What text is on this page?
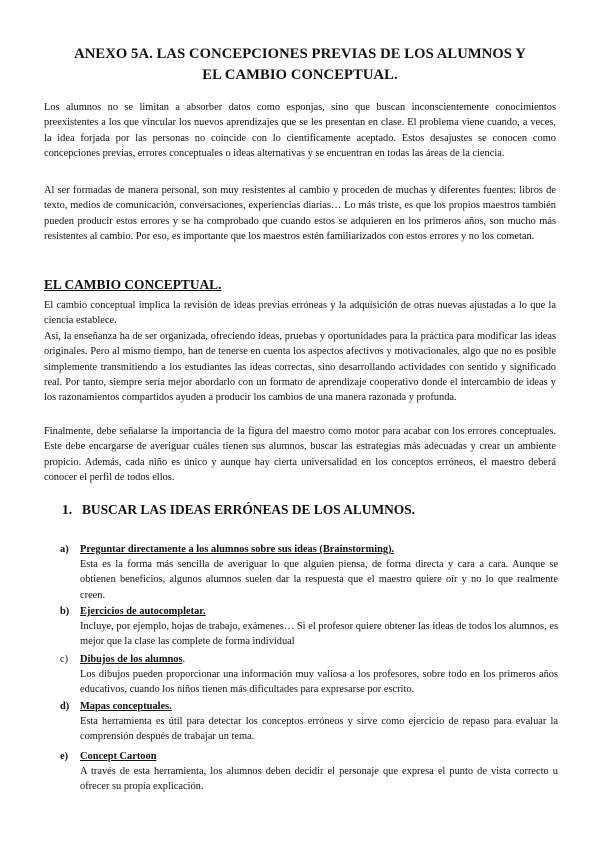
ANEXO 5A. LAS CONCEPCIONES PREVIAS DE LOS ALUMNOS Y
EL CAMBIO CONCEPTUAL.

Los alumnos no se limitan a absorber datos como esponjas, sino que buscan inconscientemente conocimientos preexistentes a los que vincular los nuevos aprendizajes que se les presentan en clase. El problema viene cuando, a veces, la idea forjada por las personas no coincide con lo científicamente aceptado. Estos desajustes se conocen como concepciones previas, errores conceptuales o ideas alternativas y se encuentran en todas las áreas de la ciencia.

Al ser formadas de manera personal, son muy resistentes al cambio y proceden de muchas y diferentes fuentes: libros de texto, medios de comunicación, conversaciones, experiencias diarias… Lo más triste, es que los propios maestros también pueden producir estos errores y se ha comprobado que cuando estos se adquieren en los primeros años, son mucho más resistentes al cambio. Por eso, es importante que los maestros estén familiarizados con estos errores y no los cometan.

EL CAMBIO CONCEPTUAL.

El cambio conceptual implica la revisión de ideas previas erróneas y la adquisición de otras nuevas ajustadas a lo que la ciencia establece.

Así, la enseñanza ha de ser organizada, ofreciendo ideas, pruebas y oportunidades para la práctica para modificar las ideas originales. Pero al mismo tiempo, han de tenerse en cuenta los aspectos afectivos y motivacionales, algo que no es posible simplemente transmitiendo a los estudiantes las ideas correctas, sino desarrollando actividades con sentido y significado real. Por tanto, siempre sería mejor abordarlo con un formato de aprendizaje cooperativo donde el intercambio de ideas y los razonamientos compartidos ayuden a producir los cambios de una manera razonada y profunda.

Finalmente, debe señalarse la importancia de la figura del maestro como motor para acabar con los errores conceptuales. Este debe encargarse de averiguar cuáles tienen sus alumnos, buscar las estrategias más adecuadas y crear un ambiente propicio. Además, cada niño es único y aunque hay cierta universalidad en los conceptos erróneos, el maestro deberá conocer el perfil de todos ellos.

1. BUSCAR LAS IDEAS ERRÓNEAS DE LOS ALUMNOS.
a)	Preguntar directamente a los alumnos sobre sus ideas (Brainstorming).

Esta es la forma más sencilla de averiguar lo que alguien piensa, de forma directa y cara a cara. Aunque se obtienen beneficios, algunos alumnos suelen dar la respuesta que el maestro quiere oír y no lo que realmente creen.

b)	Ejercicios de autocompletar.

Incluye, por ejemplo, hojas de trabajo, exámenes… Si el profesor quiere obtener las ideas de todos los alumnos, es mejor que la clase las complete de forma individual

c)	Dibujos de los alumnos.

Los dibujos pueden proporcionar una información muy valiosa a los profesores, sobre todo en los primeros años educativos, cuando los niños tienen más dificultades para expresarse por escrito.

d)	Mapas conceptuales.

Esta herramienta es útil para detectar los conceptos erróneos y sirve como ejercicio de repaso para evaluar la comprensión después de trabajar un tema.

e)	Concept Cartoon

A través de esta herramienta, los alumnos deben decidir el personaje que expresa el punto de vista correcto u ofrecer su propia explicación.
